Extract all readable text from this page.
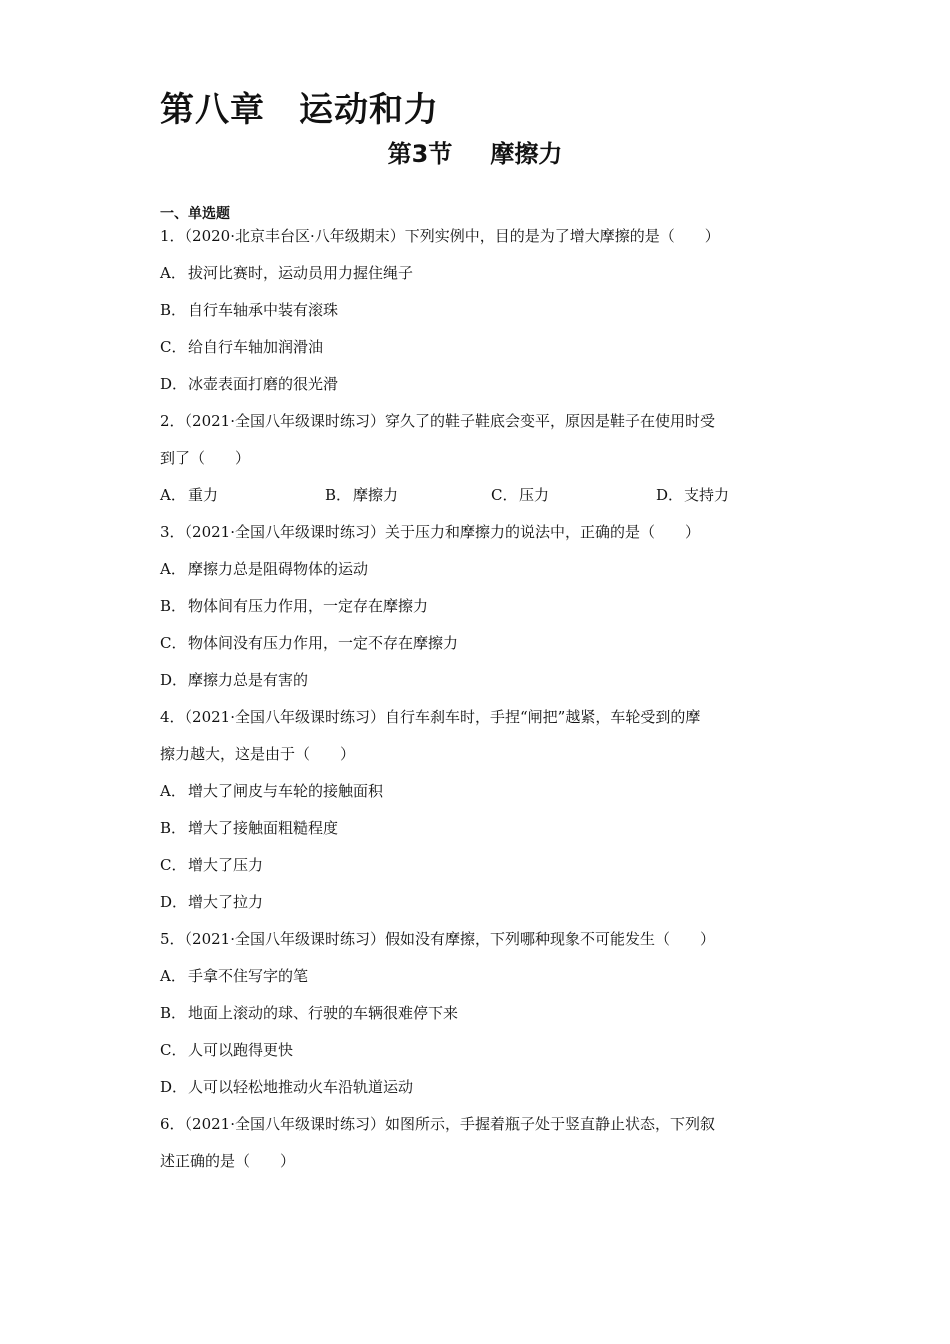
第八章 运动和力
第3节 摩擦力
一、单选题
1．（2020·北京丰台区·八年级期末）下列实例中，目的是为了增大摩擦的是（　　）
A． 拔河比赛时，运动员用力握住绳子
B． 自行车轴承中装有滚珠
C． 给自行车轴加润滑油
D．冰壶表面打磨的很光滑
2．（2021·全国八年级课时练习）穿久了的鞋子鞋底会变平，原因是鞋子在使用时受
到了（　　）
A． 重力	B． 摩擦力	C． 压力	D．支持力
3．（2021·全国八年级课时练习）关于压力和摩擦力的说法中，正确的是（　　）
A． 摩擦力总是阻碍物体的运动
B． 物体间有压力作用，一定存在摩擦力
C． 物体间没有压力作用，一定不存在摩擦力
D．摩擦力总是有害的
4．（2021·全国八年级课时练习）自行车刹车时，手捏“闸把”越紧，车轮受到的摩
擦力越大，这是由于（　　）
A． 增大了闸皮与车轮的接触面积
B． 增大了接触面粗糙程度
C． 增大了压力
D．增大了拉力
5．（2021·全国八年级课时练习）假如没有摩擦，下列哪种现象不可能发生（　　）
A． 手拿不住写字的笔
B． 地面上滚动的球、行驶的车辆很难停下来
C． 人可以跑得更快
D．人可以轻松地推动火车沿轨道运动
6．（2021·全国八年级课时练习）如图所示，手握着瓶子处于竖直静止状态，下列叙
述正确的是（　　）
